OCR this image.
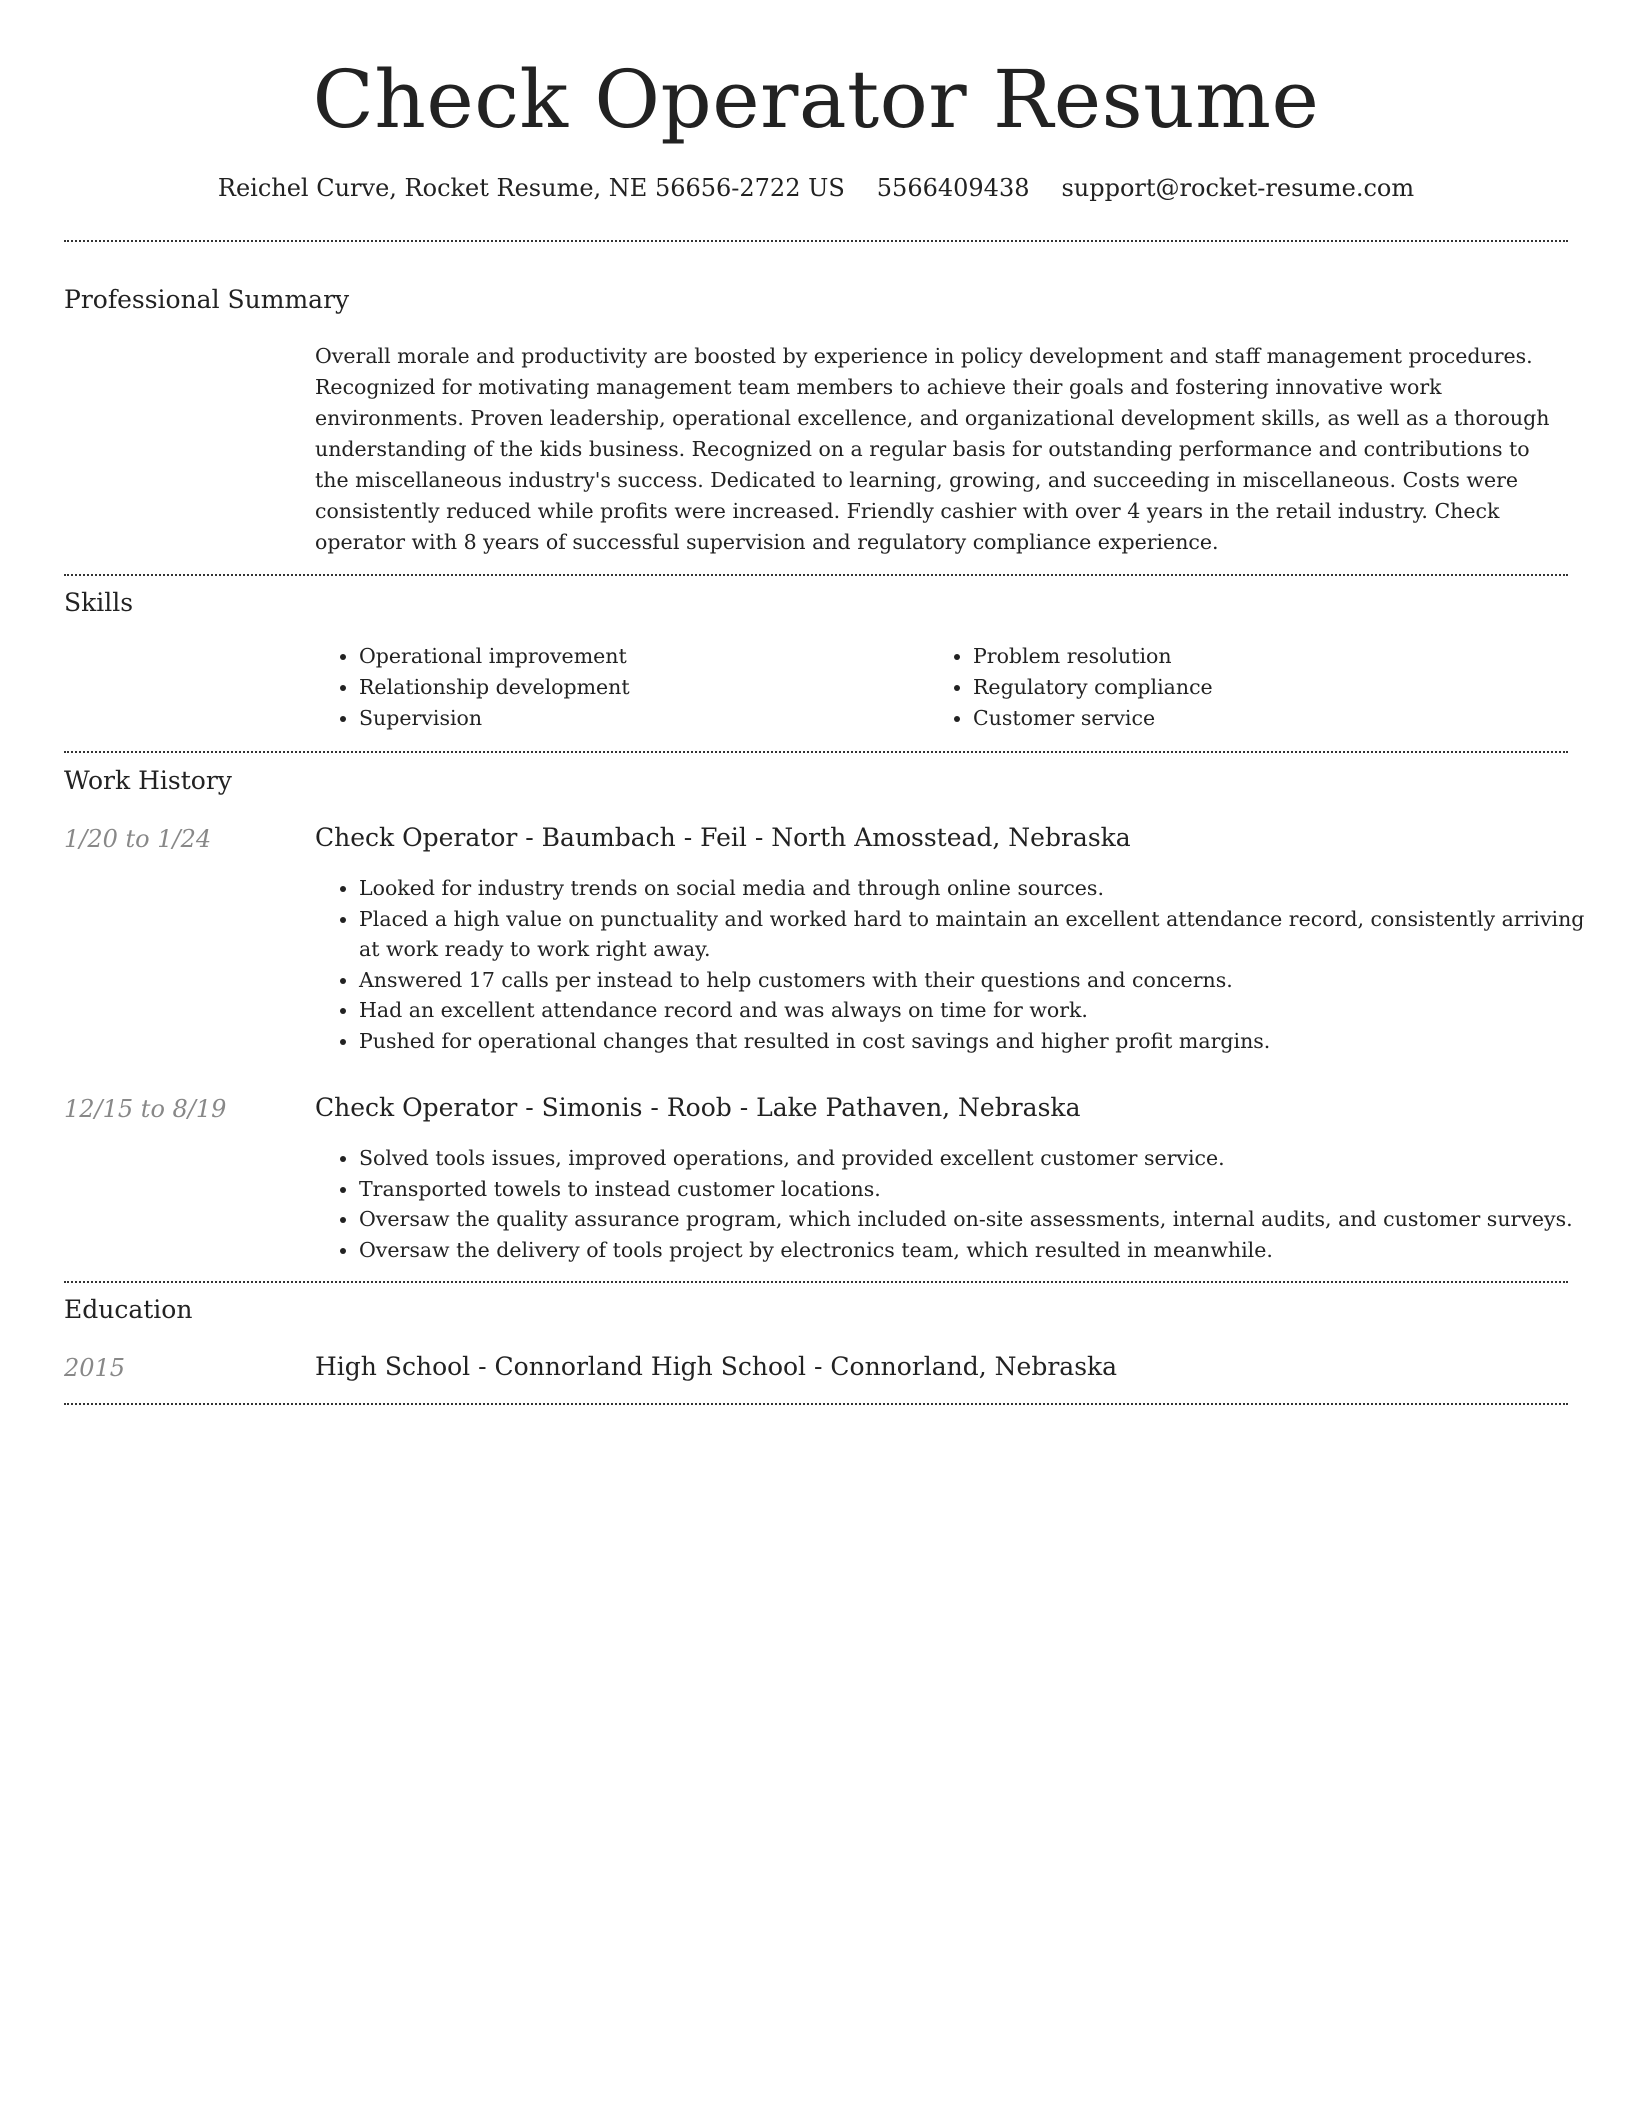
Check Operator Resume
Reichel Curve, Rocket Resume, NE 56656-2722 US 5566409438 support@rocket-resume.com
Professional Summary

Overall morale and productivity are boosted by experience in policy development and staff management procedures. Recognized for motivating management team members to achieve their goals and fostering innovative work environments. Proven leadership, operational excellence, and organizational development skills, as well as a thorough understanding of the kids business. Recognized on a regular basis for outstanding performance and contributions to the miscellaneous industry's success. Dedicated to learning, growing, and succeeding in miscellaneous. Costs were consistently reduced while profits were increased. Friendly cashier with over 4 years in the retail industry. Check operator with 8 years of successful supervision and regulatory compliance experience.

Skills
• Operational improvement
• Relationship development
• Supervision
• Problem resolution
• Regulatory compliance
• Customer service
Work History
1/20 to 1/24	Check Operator - Baumbach - Feil - North Amosstead, Nebraska
• Looked for industry trends on social media and through online sources.
• Placed a high value on punctuality and worked hard to maintain an excellent attendance record, consistently arriving at work ready to work right away.
• Answered 17 calls per instead to help customers with their questions and concerns.
• Had an excellent attendance record and was always on time for work.
• Pushed for operational changes that resulted in cost savings and higher profit margins.
12/15 to 8/19	Check Operator - Simonis - Roob - Lake Pathaven, Nebraska
• Solved tools issues, improved operations, and provided excellent customer service.
• Transported towels to instead customer locations.
• Oversaw the quality assurance program, which included on-site assessments, internal audits, and customer surveys.
• Oversaw the delivery of tools project by electronics team, which resulted in meanwhile.
Education
2015	High School - Connorland High School - Connorland, Nebraska
